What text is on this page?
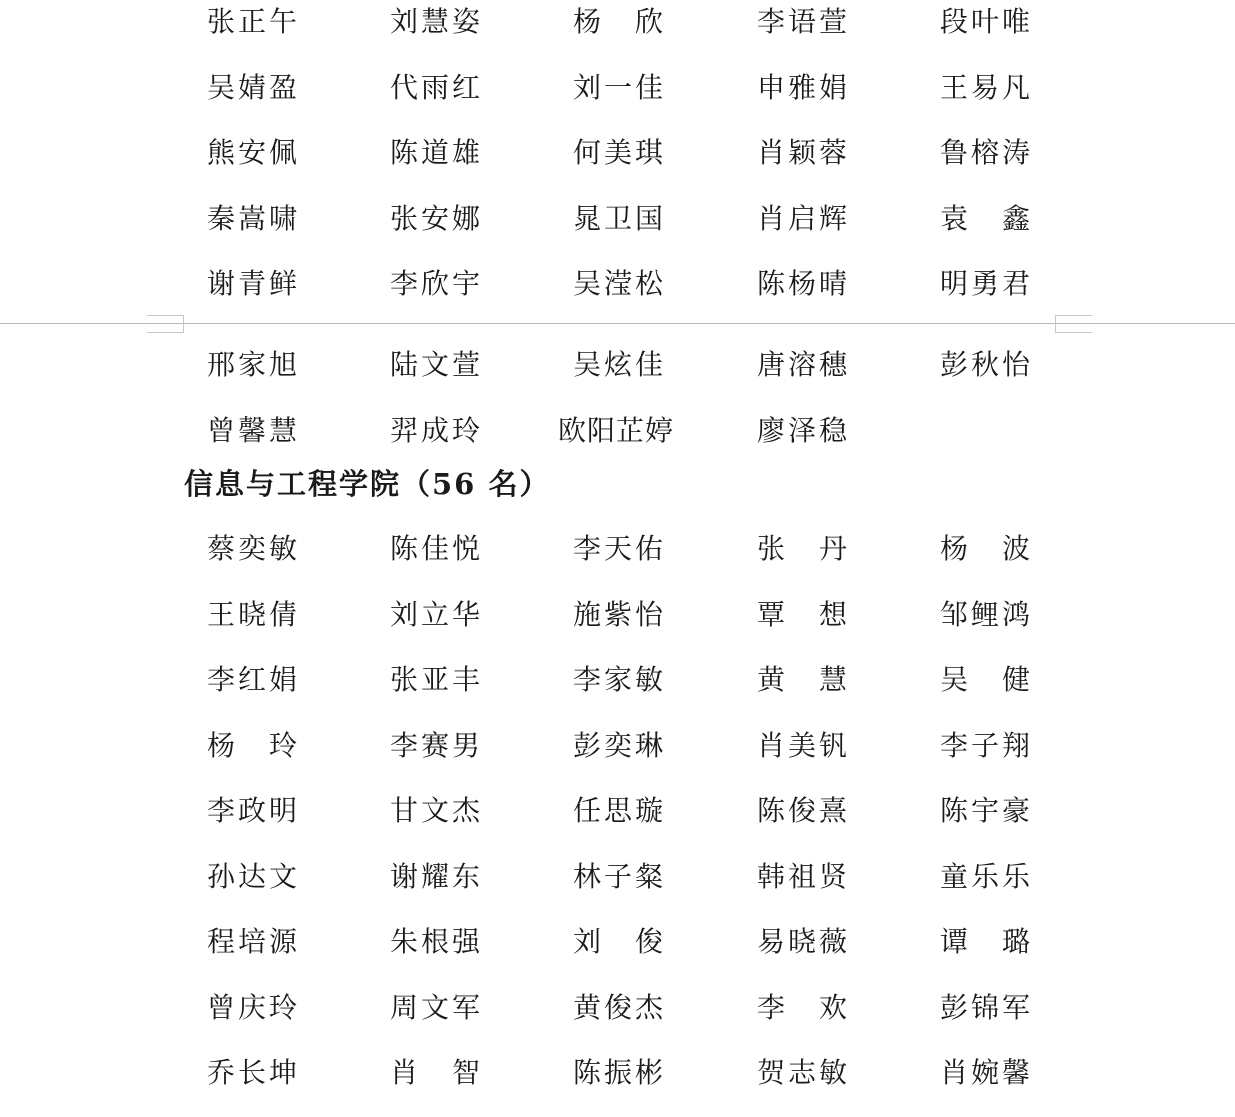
张正午	刘慧姿	杨　欣	李语萱	段叶唯
吴婧盈	代雨红	刘一佳	申雅娟	王易凡
熊安佩	陈道雄	何美琪	肖颖蓉	鲁榕涛
秦嵩啸	张安娜	晁卫国	肖启辉	袁　鑫
谢青鲜	李欣宇	吴滢松	陈杨晴	明勇君
邢家旭	陆文萱	吴炫佳	唐溶穗	彭秋怡
曾馨慧	羿成玲	欧阳芷婷	廖泽稳
信息与工程学院（56 名）
蔡奕敏	陈佳悦	李天佑	张　丹	杨　波
王晓倩	刘立华	施紫怡	覃　想	邹鲤鸿
李红娟	张亚丰	李家敏	黄　慧	吴　健
杨　玲	李赛男	彭奕琳	肖美钒	李子翔
李政明	甘文杰	任思璇	陈俊熹	陈宇豪
孙达文	谢耀东	林子粲	韩祖贤	童乐乐
程培源	朱根强	刘　俊	易晓薇	谭　璐
曾庆玲	周文军	黄俊杰	李　欢	彭锦军
乔长坤	肖　智	陈振彬	贺志敏	肖婉馨
